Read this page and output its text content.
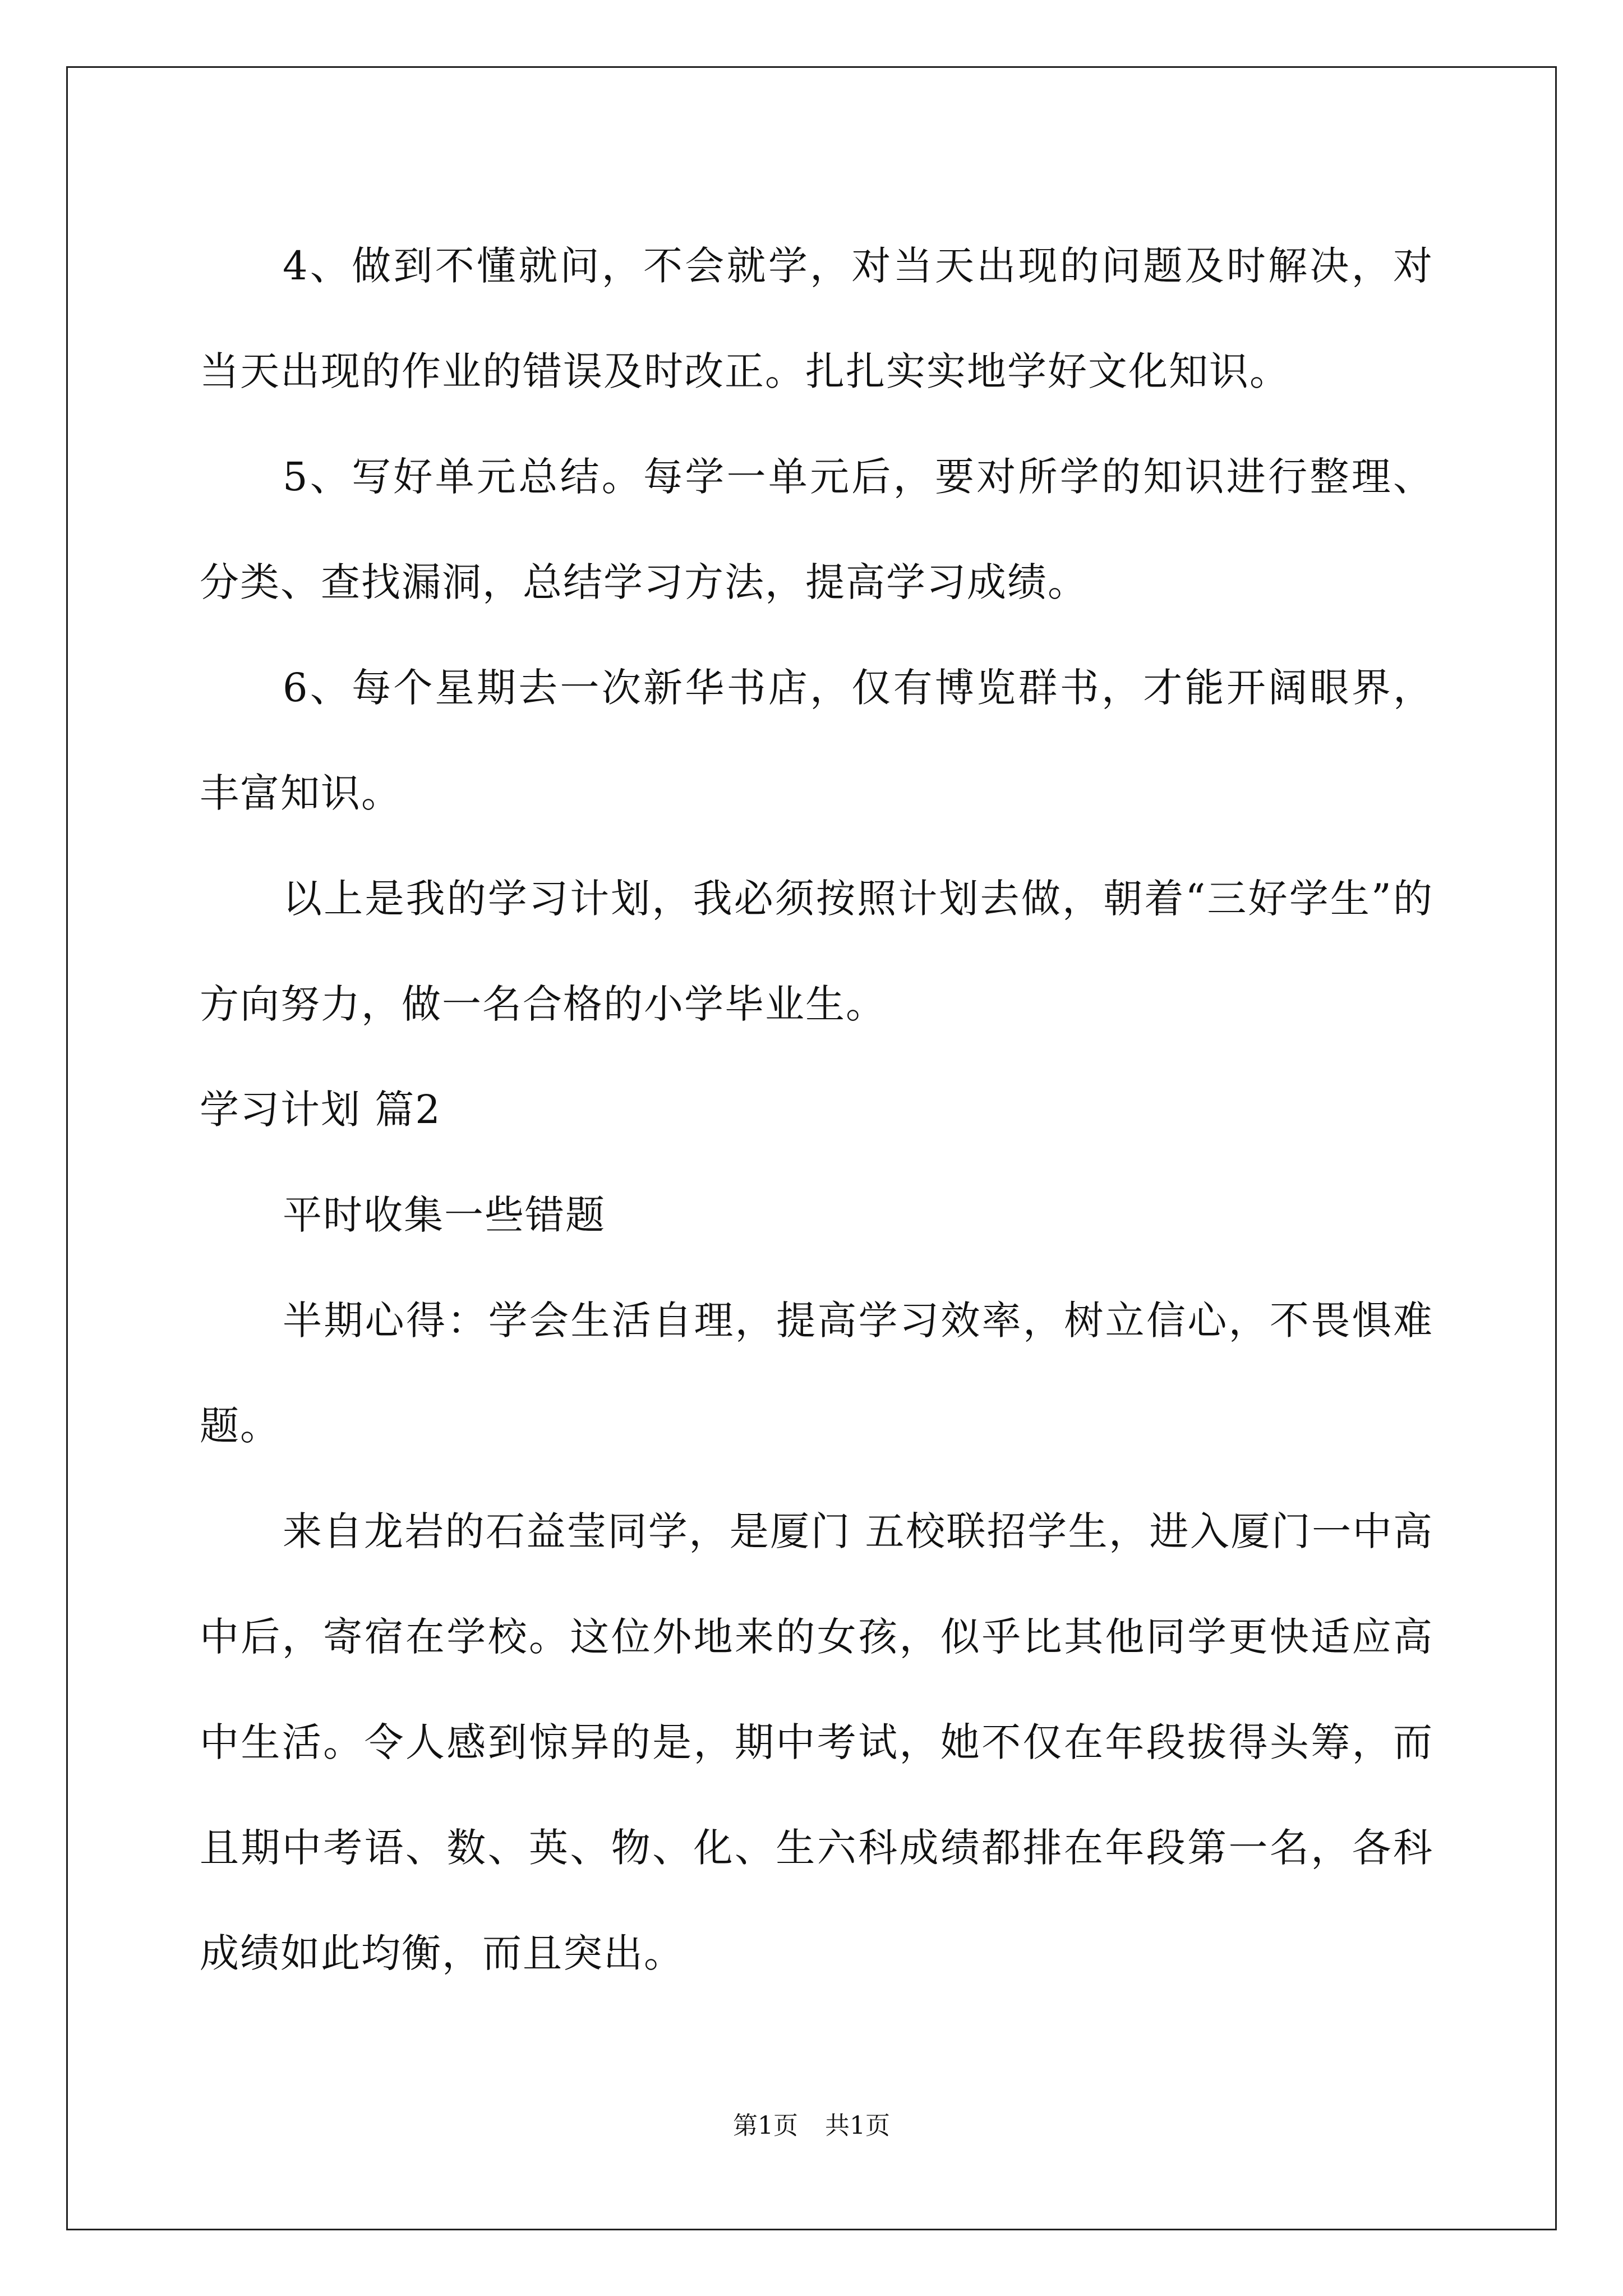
4、做到不懂就问，不会就学，对当天出现的问题及时解决，对当天出现的作业的错误及时改正。扎扎实实地学好文化知识。

5、写好单元总结。每学一单元后，要对所学的知识进行整理、分类、查找漏洞，总结学习方法，提高学习成绩。

6、每个星期去一次新华书店，仅有博览群书，才能开阔眼界，丰富知识。

以上是我的学习计划，我必须按照计划去做，朝着“三好学生”的方向努力，做一名合格的小学毕业生。

学习计划 篇2

平时收集一些错题

半期心得：学会生活自理，提高学习效率，树立信心，不畏惧难题。

来自龙岩的石益莹同学，是厦门 五校联招学生，进入厦门一中高中后，寄宿在学校。这位外地来的女孩，似乎比其他同学更快适应高中生活。令人感到惊异的是，期中考试，她不仅在年段拔得头筹，而且期中考语、数、英、物、化、生六科成绩都排在年段第一名，各科成绩如此均衡，而且突出。

第1页 共1页
